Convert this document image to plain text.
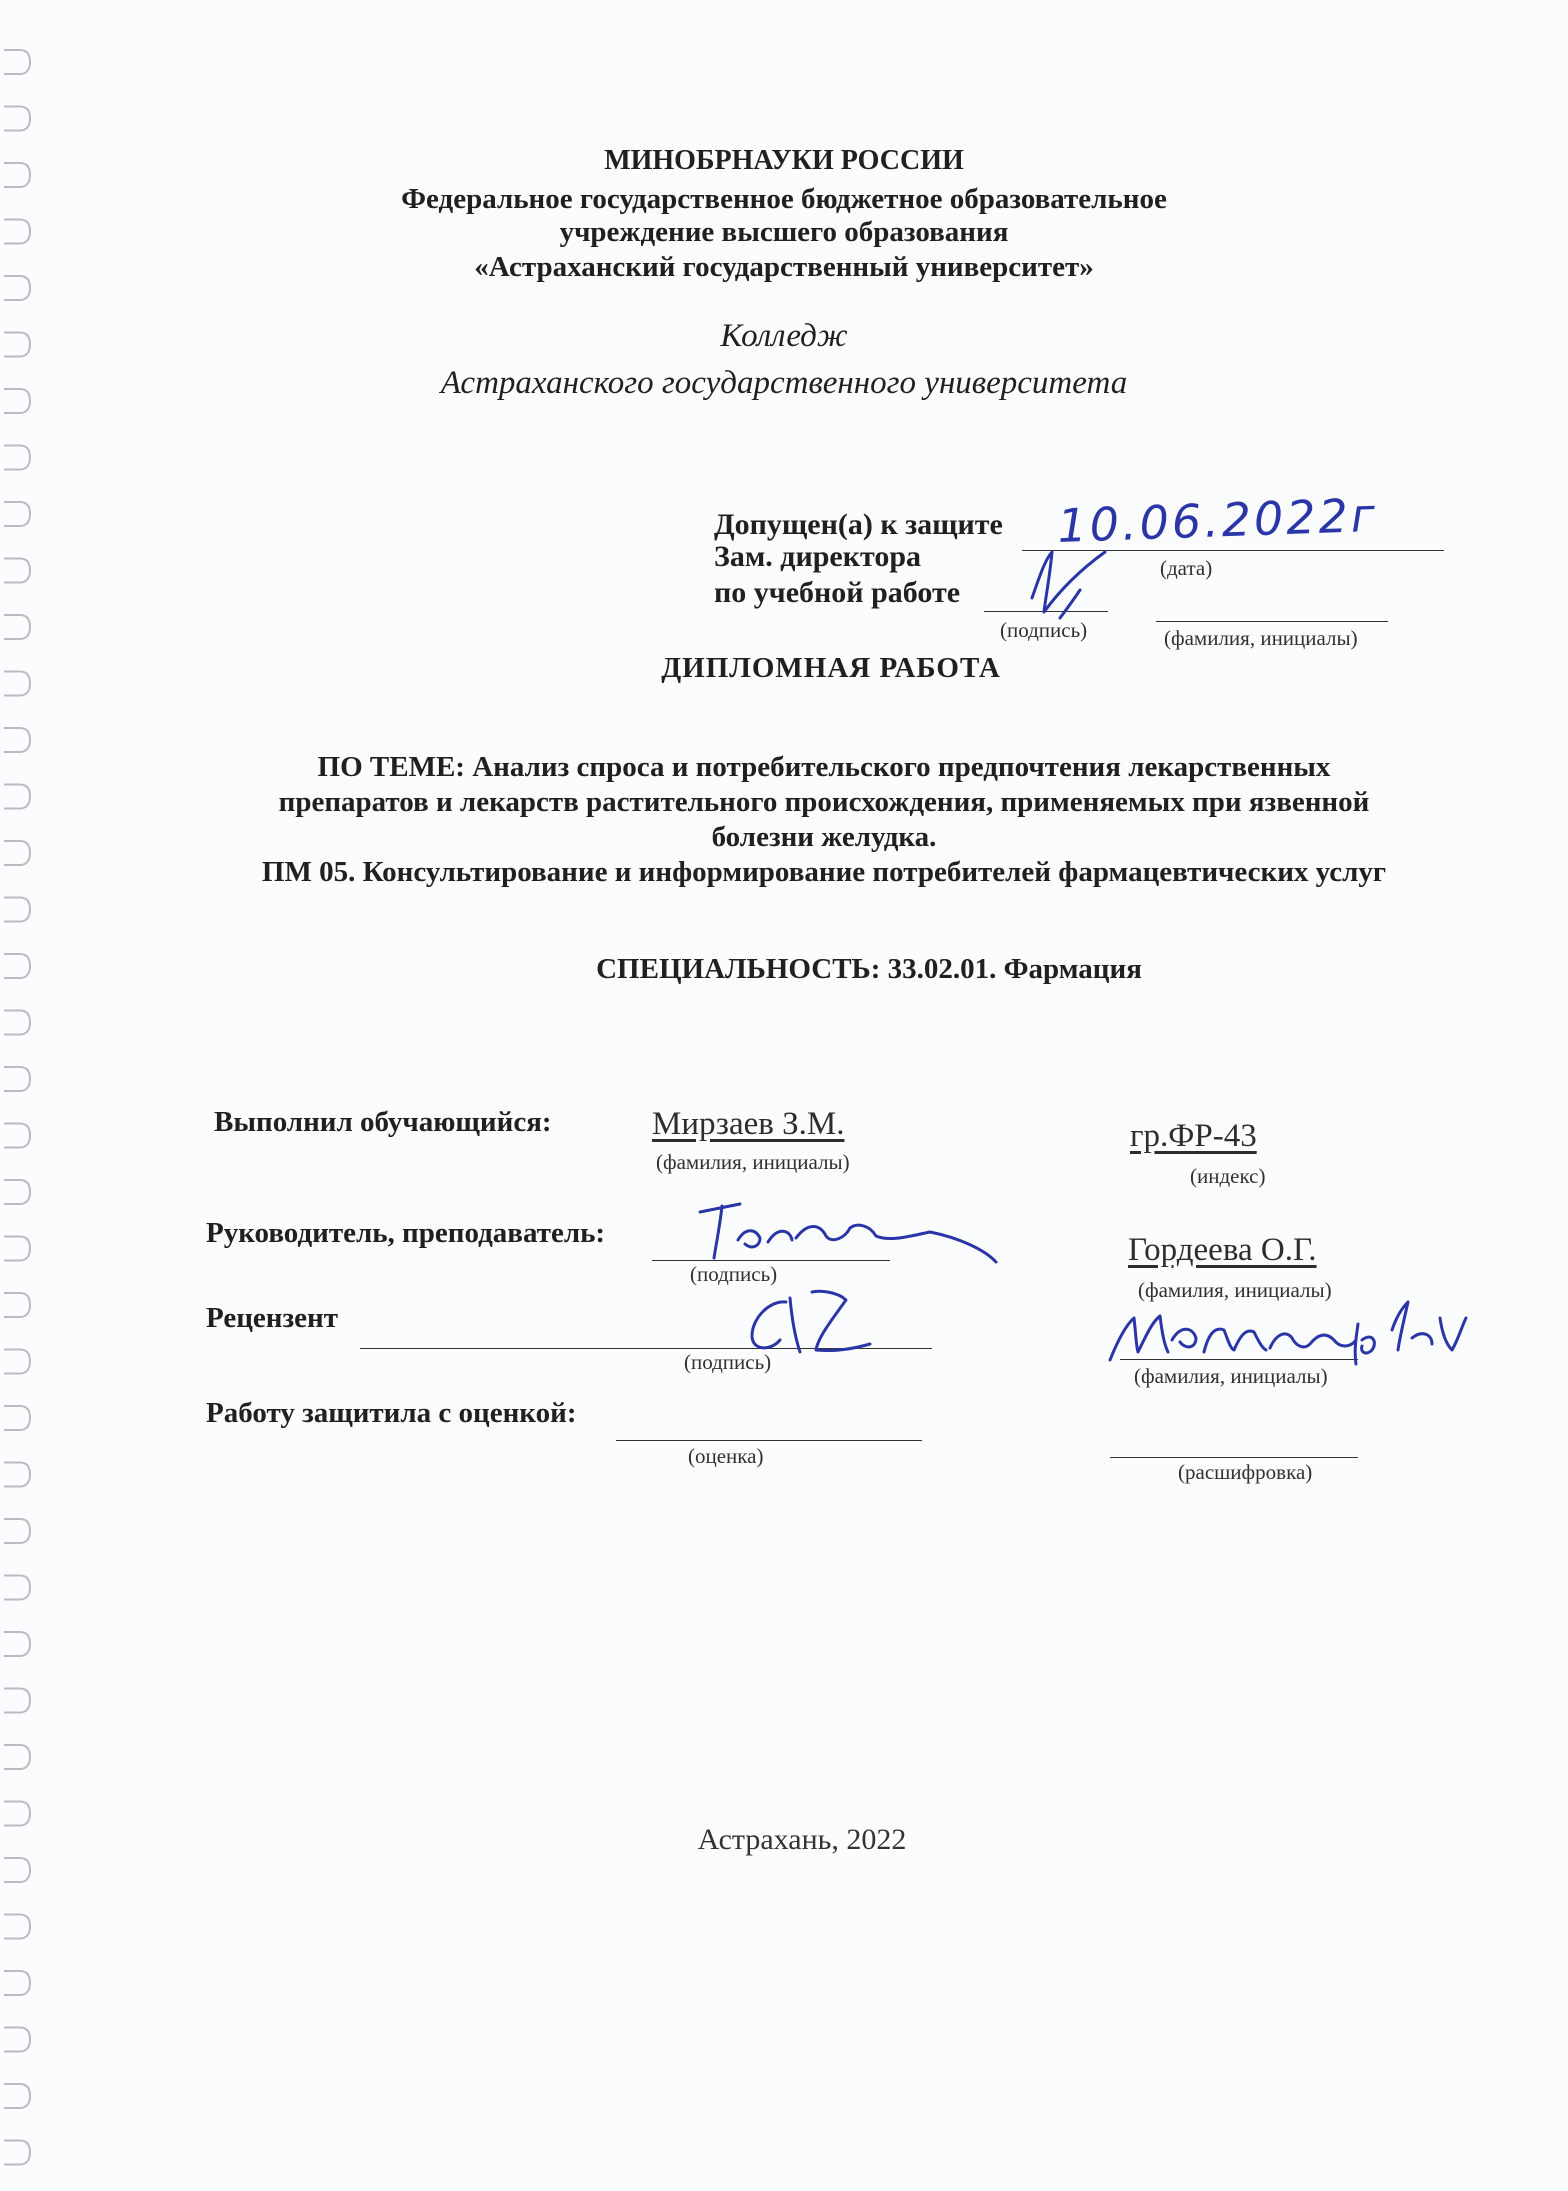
МИНОБРНАУКИ РОССИИ
Федеральное государственное бюджетное образовательное
учреждение высшего образования
«Астраханский государственный университет»
Колледж
Астраханского государственного университета
Допущен(а) к защите
(дата)
Зам. директора
по учебной работе
(подпись)	(фамилия, инициалы)
ДИПЛОМНАЯ РАБОТА
ПО ТЕМЕ: Анализ спроса и потребительского предпочтения лекарственных
препаратов и лекарств растительного происхождения, применяемых при язвенной
болезни желудка.
ПМ 05. Консультирование и информирование потребителей фармацевтических услуг
СПЕЦИАЛЬНОСТЬ: 33.02.01. Фармация
Выполнил обучающийся:	Мирзаев З.М.
(фамилия, инициалы)
гр.ФР-43
(индекс)
Руководитель, преподаватель:
(подпись)
Гордеева О.Г.
(фамилия, инициалы)
Рецензент
(подпись)
(фамилия, инициалы)
Работу защитила с оценкой:
(оценка)
(расшифровка)
Астрахань, 2022
10.06.2022г
